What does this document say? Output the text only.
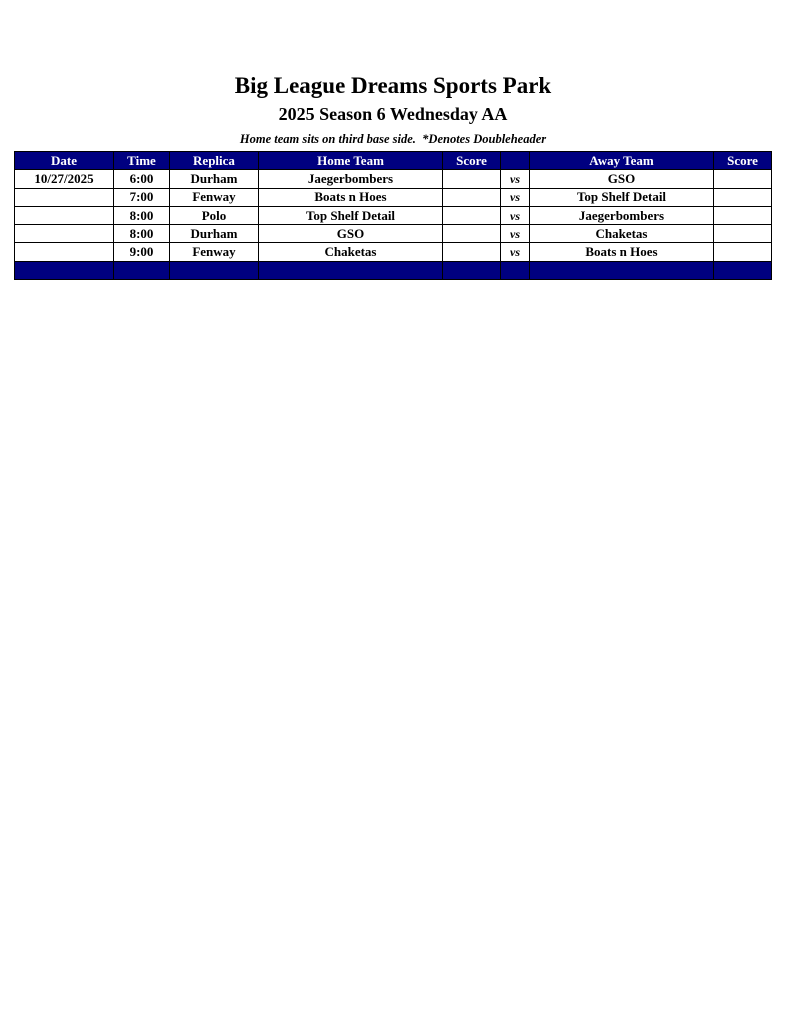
Big League Dreams Sports Park
2025 Season 6 Wednesday AA
Home team sits on third base side.  *Denotes Doubleheader
Date	Time	Replica	Home Team	Score		Away Team	Score
10/27/2025	6:00	Durham	Jaegerbombers		vs	GSO	
	7:00	Fenway	Boats n Hoes		vs	Top Shelf Detail	
	8:00	Polo	Top Shelf Detail		vs	Jaegerbombers	
	8:00	Durham	GSO		vs	Chaketas	
	9:00	Fenway	Chaketas		vs	Boats n Hoes	
